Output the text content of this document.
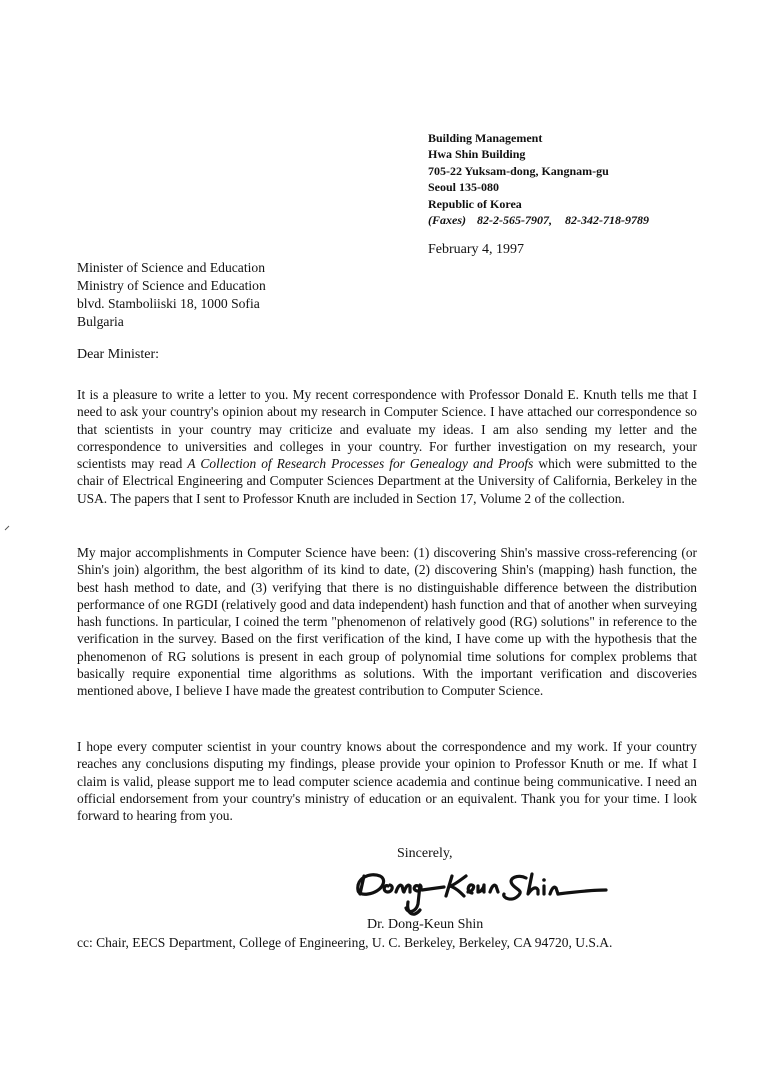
Building Management
Hwa Shin Building
705-22 Yuksam-dong, Kangnam-gu
Seoul 135-080
Republic of Korea
(Faxes) 82-2-565-7907, 82-342-718-9789
February 4, 1997
Minister of Science and Education
Ministry of Science and Education
blvd. Stamboliiski 18, 1000 Sofia
Bulgaria
Dear Minister:

It is a pleasure to write a letter to you. My recent correspondence with Professor Donald E. Knuth tells me that I need to ask your country's opinion about my research in Computer Science. I have attached our correspondence so that scientists in your country may criticize and evaluate my ideas. I am also sending my letter and the correspondence to universities and colleges in your country. For further investigation on my research, your scientists may read A Collection of Research Processes for Genealogy and Proofs which were submitted to the chair of Electrical Engineering and Computer Sciences Department at the University of California, Berkeley in the USA. The papers that I sent to Professor Knuth are included in Section 17, Volume 2 of the collection.

My major accomplishments in Computer Science have been: (1) discovering Shin's massive cross-referencing (or Shin's join) algorithm, the best algorithm of its kind to date, (2) discovering Shin's (mapping) hash function, the best hash method to date, and (3) verifying that there is no distinguishable difference between the distribution performance of one RGDI (relatively good and data independent) hash function and that of another when surveying hash functions. In particular, I coined the term "phenomenon of relatively good (RG) solutions" in reference to the verification in the survey. Based on the first verification of the kind, I have come up with the hypothesis that the phenomenon of RG solutions is present in each group of polynomial time solutions for complex problems that basically require exponential time algorithms as solutions. With the important verification and discoveries mentioned above, I believe I have made the greatest contribution to Computer Science.

I hope every computer scientist in your country knows about the correspondence and my work. If your country reaches any conclusions disputing my findings, please provide your opinion to Professor Knuth or me. If what I claim is valid, please support me to lead computer science academia and continue being communicative. I need an official endorsement from your country's ministry of education or an equivalent. Thank you for your time. I look forward to hearing from you.

Sincerely,
Dr. Dong-Keun Shin
cc: Chair, EECS Department, College of Engineering, U. C. Berkeley, Berkeley, CA 94720, U.S.A.
